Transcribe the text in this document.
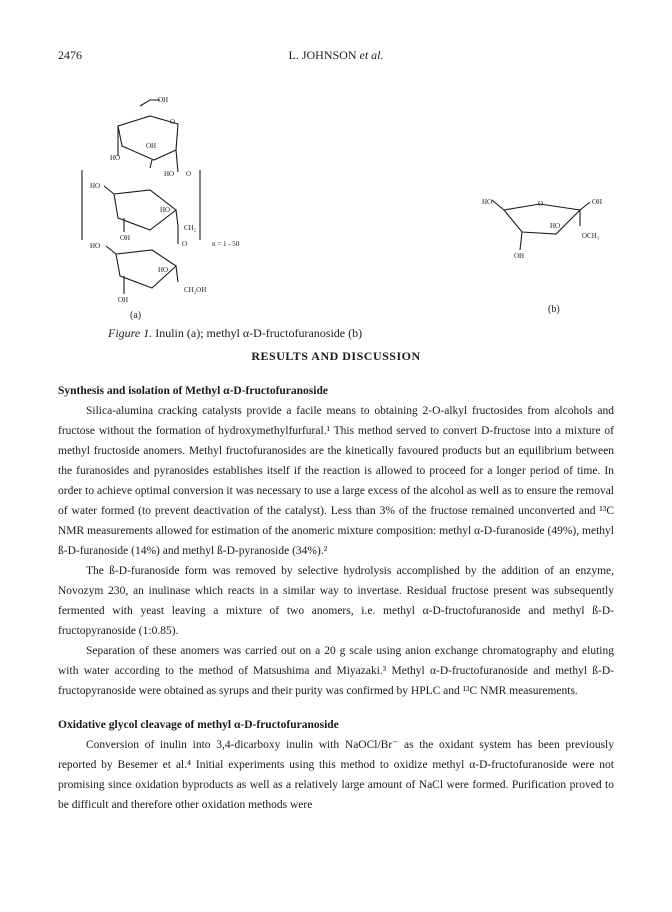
2476	L. JOHNSON et al.
OH
O
OH
HO
HO O
HO
HO
CH₂
OH
O	n = 1 - 50
HO
HO
CH₂OH
OH
(a)
HO	O	OH
HO
OCH₃
OH
(b)
Figure 1. Inulin (a); methyl α-D-fructofuranoside (b)
RESULTS AND DISCUSSION
Synthesis and isolation of Methyl α-D-fructofuranoside

Silica-alumina cracking catalysts provide a facile means to obtaining 2-O-alkyl fructosides from alcohols and fructose without the formation of hydroxymethylfurfural.¹ This method served to convert D-fructose into a mixture of methyl fructoside anomers. Methyl fructofuranosides are the kinetically favoured products but an equilibrium between the furanosides and pyranosides establishes itself if the reaction is allowed to proceed for a longer period of time. In order to achieve optimal conversion it was necessary to use a large excess of the alcohol as well as to ensure the removal of water formed (to prevent deactivation of the catalyst). Less than 3% of the fructose remained unconverted and ¹³C NMR measurements allowed for estimation of the anomeric mixture composition: methyl α-D-furanoside (49%), methyl ß-D-furanoside (14%) and methyl ß-D-pyranoside (34%).²

The ß-D-furanoside form was removed by selective hydrolysis accomplished by the addition of an enzyme, Novozym 230, an inulinase which reacts in a similar way to invertase. Residual fructose present was subsequently fermented with yeast leaving a mixture of two anomers, i.e. methyl α-D-fructofuranoside and methyl ß-D-fructopyranoside (1:0.85).

Separation of these anomers was carried out on a 20 g scale using anion exchange chromatography and eluting with water according to the method of Matsushima and Miyazaki.³ Methyl α-D-fructofuranoside and methyl ß-D-fructopyranoside were obtained as syrups and their purity was confirmed by HPLC and ¹³C NMR measurements.

Oxidative glycol cleavage of methyl α-D-fructofuranoside

Conversion of inulin into 3,4-dicarboxy inulin with NaOCl/Br⁻ as the oxidant system has been previously reported by Besemer et al.⁴ Initial experiments using this method to oxidize methyl α-D-fructofuranoside were not promising since oxidation byproducts as well as a relatively large amount of NaCl were formed. Purification proved to be difficult and therefore other oxidation methods were
